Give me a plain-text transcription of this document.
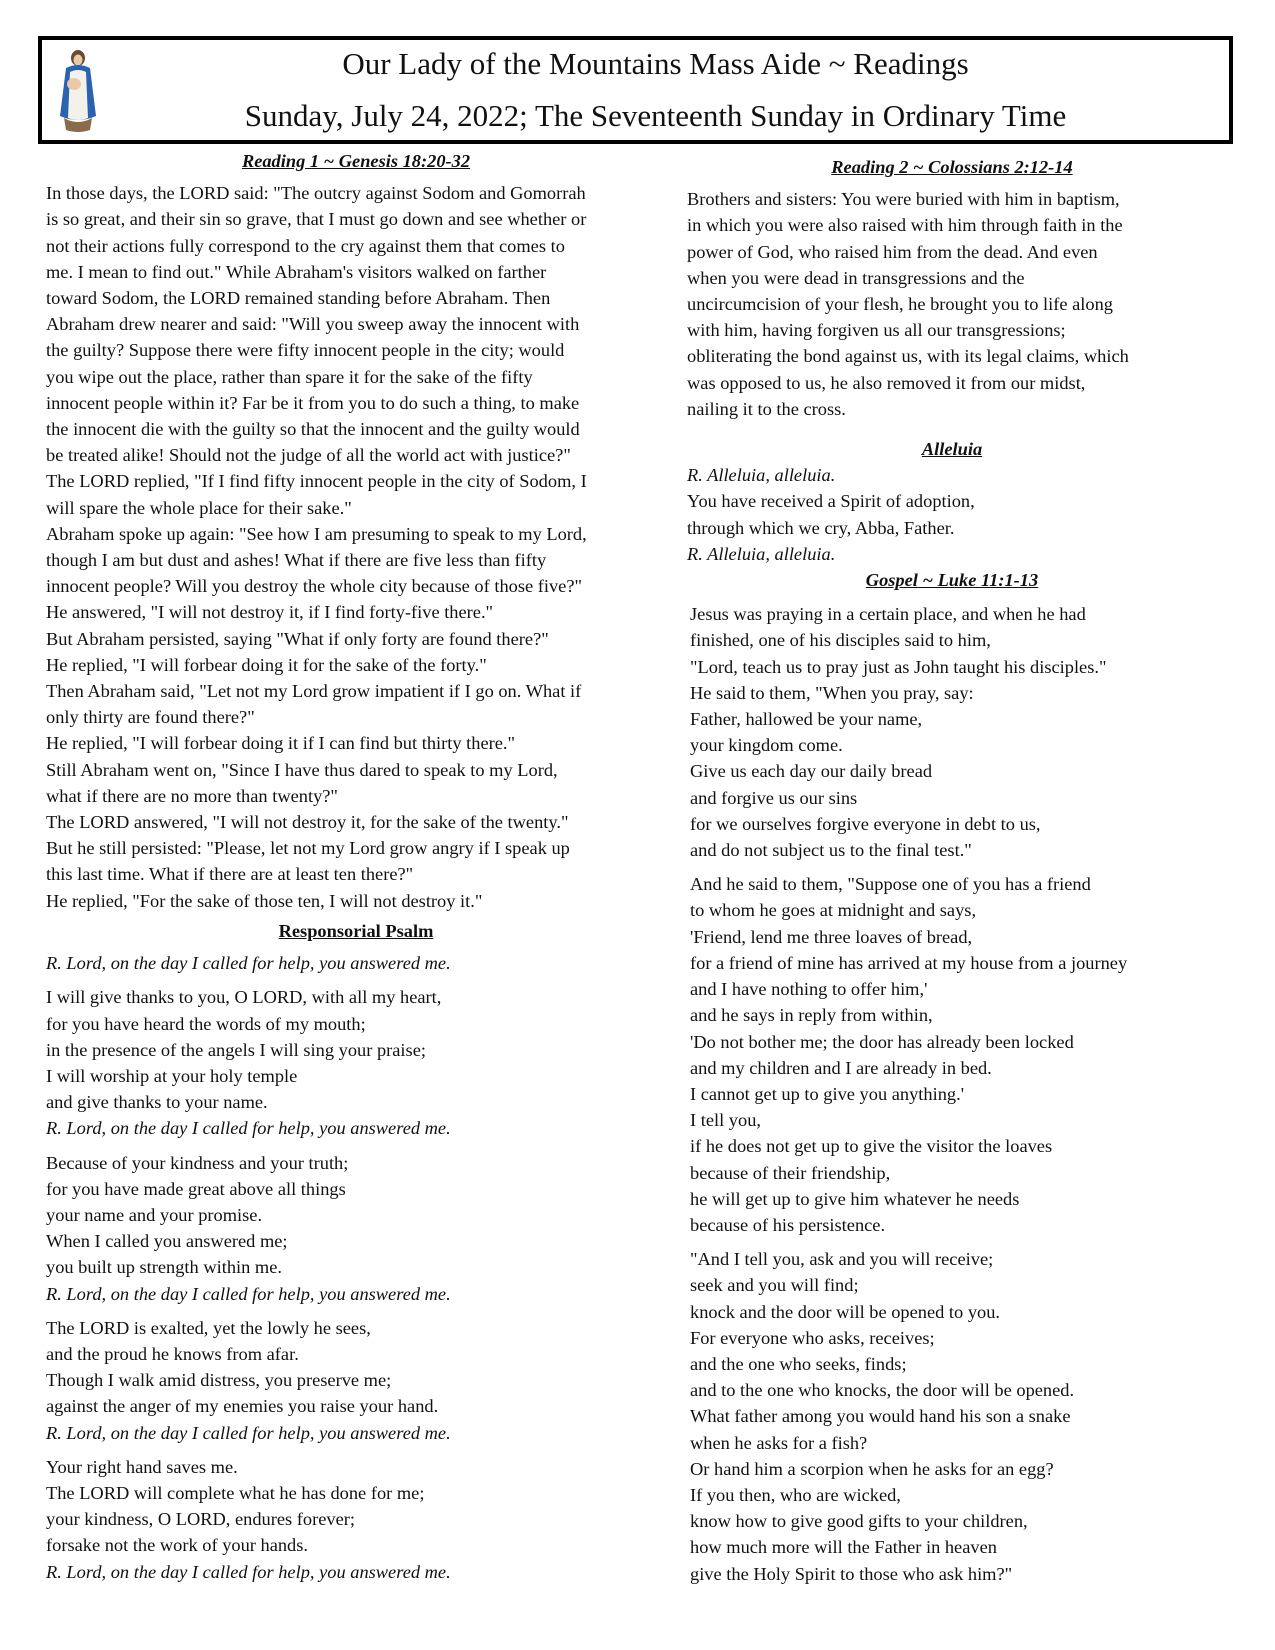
Our Lady of the Mountains Mass Aide ~ Readings
Sunday, July 24, 2022; The Seventeenth Sunday in Ordinary Time
Reading 1 ~ Genesis 18:20-32
In those days, the LORD said: "The outcry against Sodom and Gomorrah
is so great, and their sin so grave, that I must go down and see whether or
not their actions fully correspond to the cry against them that comes to
me. I mean to find out." While Abraham's visitors walked on farther
toward Sodom, the LORD remained standing before Abraham. Then
Abraham drew nearer and said: "Will you sweep away the innocent with
the guilty? Suppose there were fifty innocent people in the city; would
you wipe out the place, rather than spare it for the sake of the fifty
innocent people within it? Far be it from you to do such a thing, to make
the innocent die with the guilty so that the innocent and the guilty would
be treated alike! Should not the judge of all the world act with justice?"
The LORD replied, "If I find fifty innocent people in the city of Sodom, I
will spare the whole place for their sake."
Abraham spoke up again: "See how I am presuming to speak to my Lord,
though I am but dust and ashes! What if there are five less than fifty
innocent people? Will you destroy the whole city because of those five?"
He answered, "I will not destroy it, if I find forty-five there."
But Abraham persisted, saying "What if only forty are found there?"
He replied, "I will forbear doing it for the sake of the forty."
Then Abraham said, "Let not my Lord grow impatient if I go on. What if
only thirty are found there?"
He replied, "I will forbear doing it if I can find but thirty there."
Still Abraham went on, "Since I have thus dared to speak to my Lord,
what if there are no more than twenty?"
The LORD answered, "I will not destroy it, for the sake of the twenty."
But he still persisted: "Please, let not my Lord grow angry if I speak up
this last time. What if there are at least ten there?"
He replied, "For the sake of those ten, I will not destroy it."
Responsorial Psalm
R. Lord, on the day I called for help, you answered me.
I will give thanks to you, O LORD, with all my heart,
for you have heard the words of my mouth;
in the presence of the angels I will sing your praise;
I will worship at your holy temple
and give thanks to your name.
R. Lord, on the day I called for help, you answered me.
Because of your kindness and your truth;
for you have made great above all things
your name and your promise.
When I called you answered me;
you built up strength within me.
R. Lord, on the day I called for help, you answered me.
The LORD is exalted, yet the lowly he sees,
and the proud he knows from afar.
Though I walk amid distress, you preserve me;
against the anger of my enemies you raise your hand.
R. Lord, on the day I called for help, you answered me.
Your right hand saves me.
The LORD will complete what he has done for me;
your kindness, O LORD, endures forever;
forsake not the work of your hands.
R. Lord, on the day I called for help, you answered me.
Reading 2 ~ Colossians 2:12-14
Brothers and sisters: You were buried with him in baptism,
in which you were also raised with him through faith in the
power of God, who raised him from the dead. And even
when you were dead in transgressions and the
uncircumcision of your flesh, he brought you to life along
with him, having forgiven us all our transgressions;
obliterating the bond against us, with its legal claims, which
was opposed to us, he also removed it from our midst,
nailing it to the cross.
Alleluia
R. Alleluia, alleluia.
You have received a Spirit of adoption,
through which we cry, Abba, Father.
R. Alleluia, alleluia.
Gospel ~ Luke 11:1-13
Jesus was praying in a certain place, and when he had
finished, one of his disciples said to him,
"Lord, teach us to pray just as John taught his disciples."
He said to them, "When you pray, say:
Father, hallowed be your name,
your kingdom come.
Give us each day our daily bread
and forgive us our sins
for we ourselves forgive everyone in debt to us,
and do not subject us to the final test."
And he said to them, "Suppose one of you has a friend
to whom he goes at midnight and says,
'Friend, lend me three loaves of bread,
for a friend of mine has arrived at my house from a journey
and I have nothing to offer him,'
and he says in reply from within,
'Do not bother me; the door has already been locked
and my children and I are already in bed.
I cannot get up to give you anything.'
I tell you,
if he does not get up to give the visitor the loaves
because of their friendship,
he will get up to give him whatever he needs
because of his persistence.
"And I tell you, ask and you will receive;
seek and you will find;
knock and the door will be opened to you.
For everyone who asks, receives;
and the one who seeks, finds;
and to the one who knocks, the door will be opened.
What father among you would hand his son a snake
when he asks for a fish?
Or hand him a scorpion when he asks for an egg?
If you then, who are wicked,
know how to give good gifts to your children,
how much more will the Father in heaven
give the Holy Spirit to those who ask him?"
